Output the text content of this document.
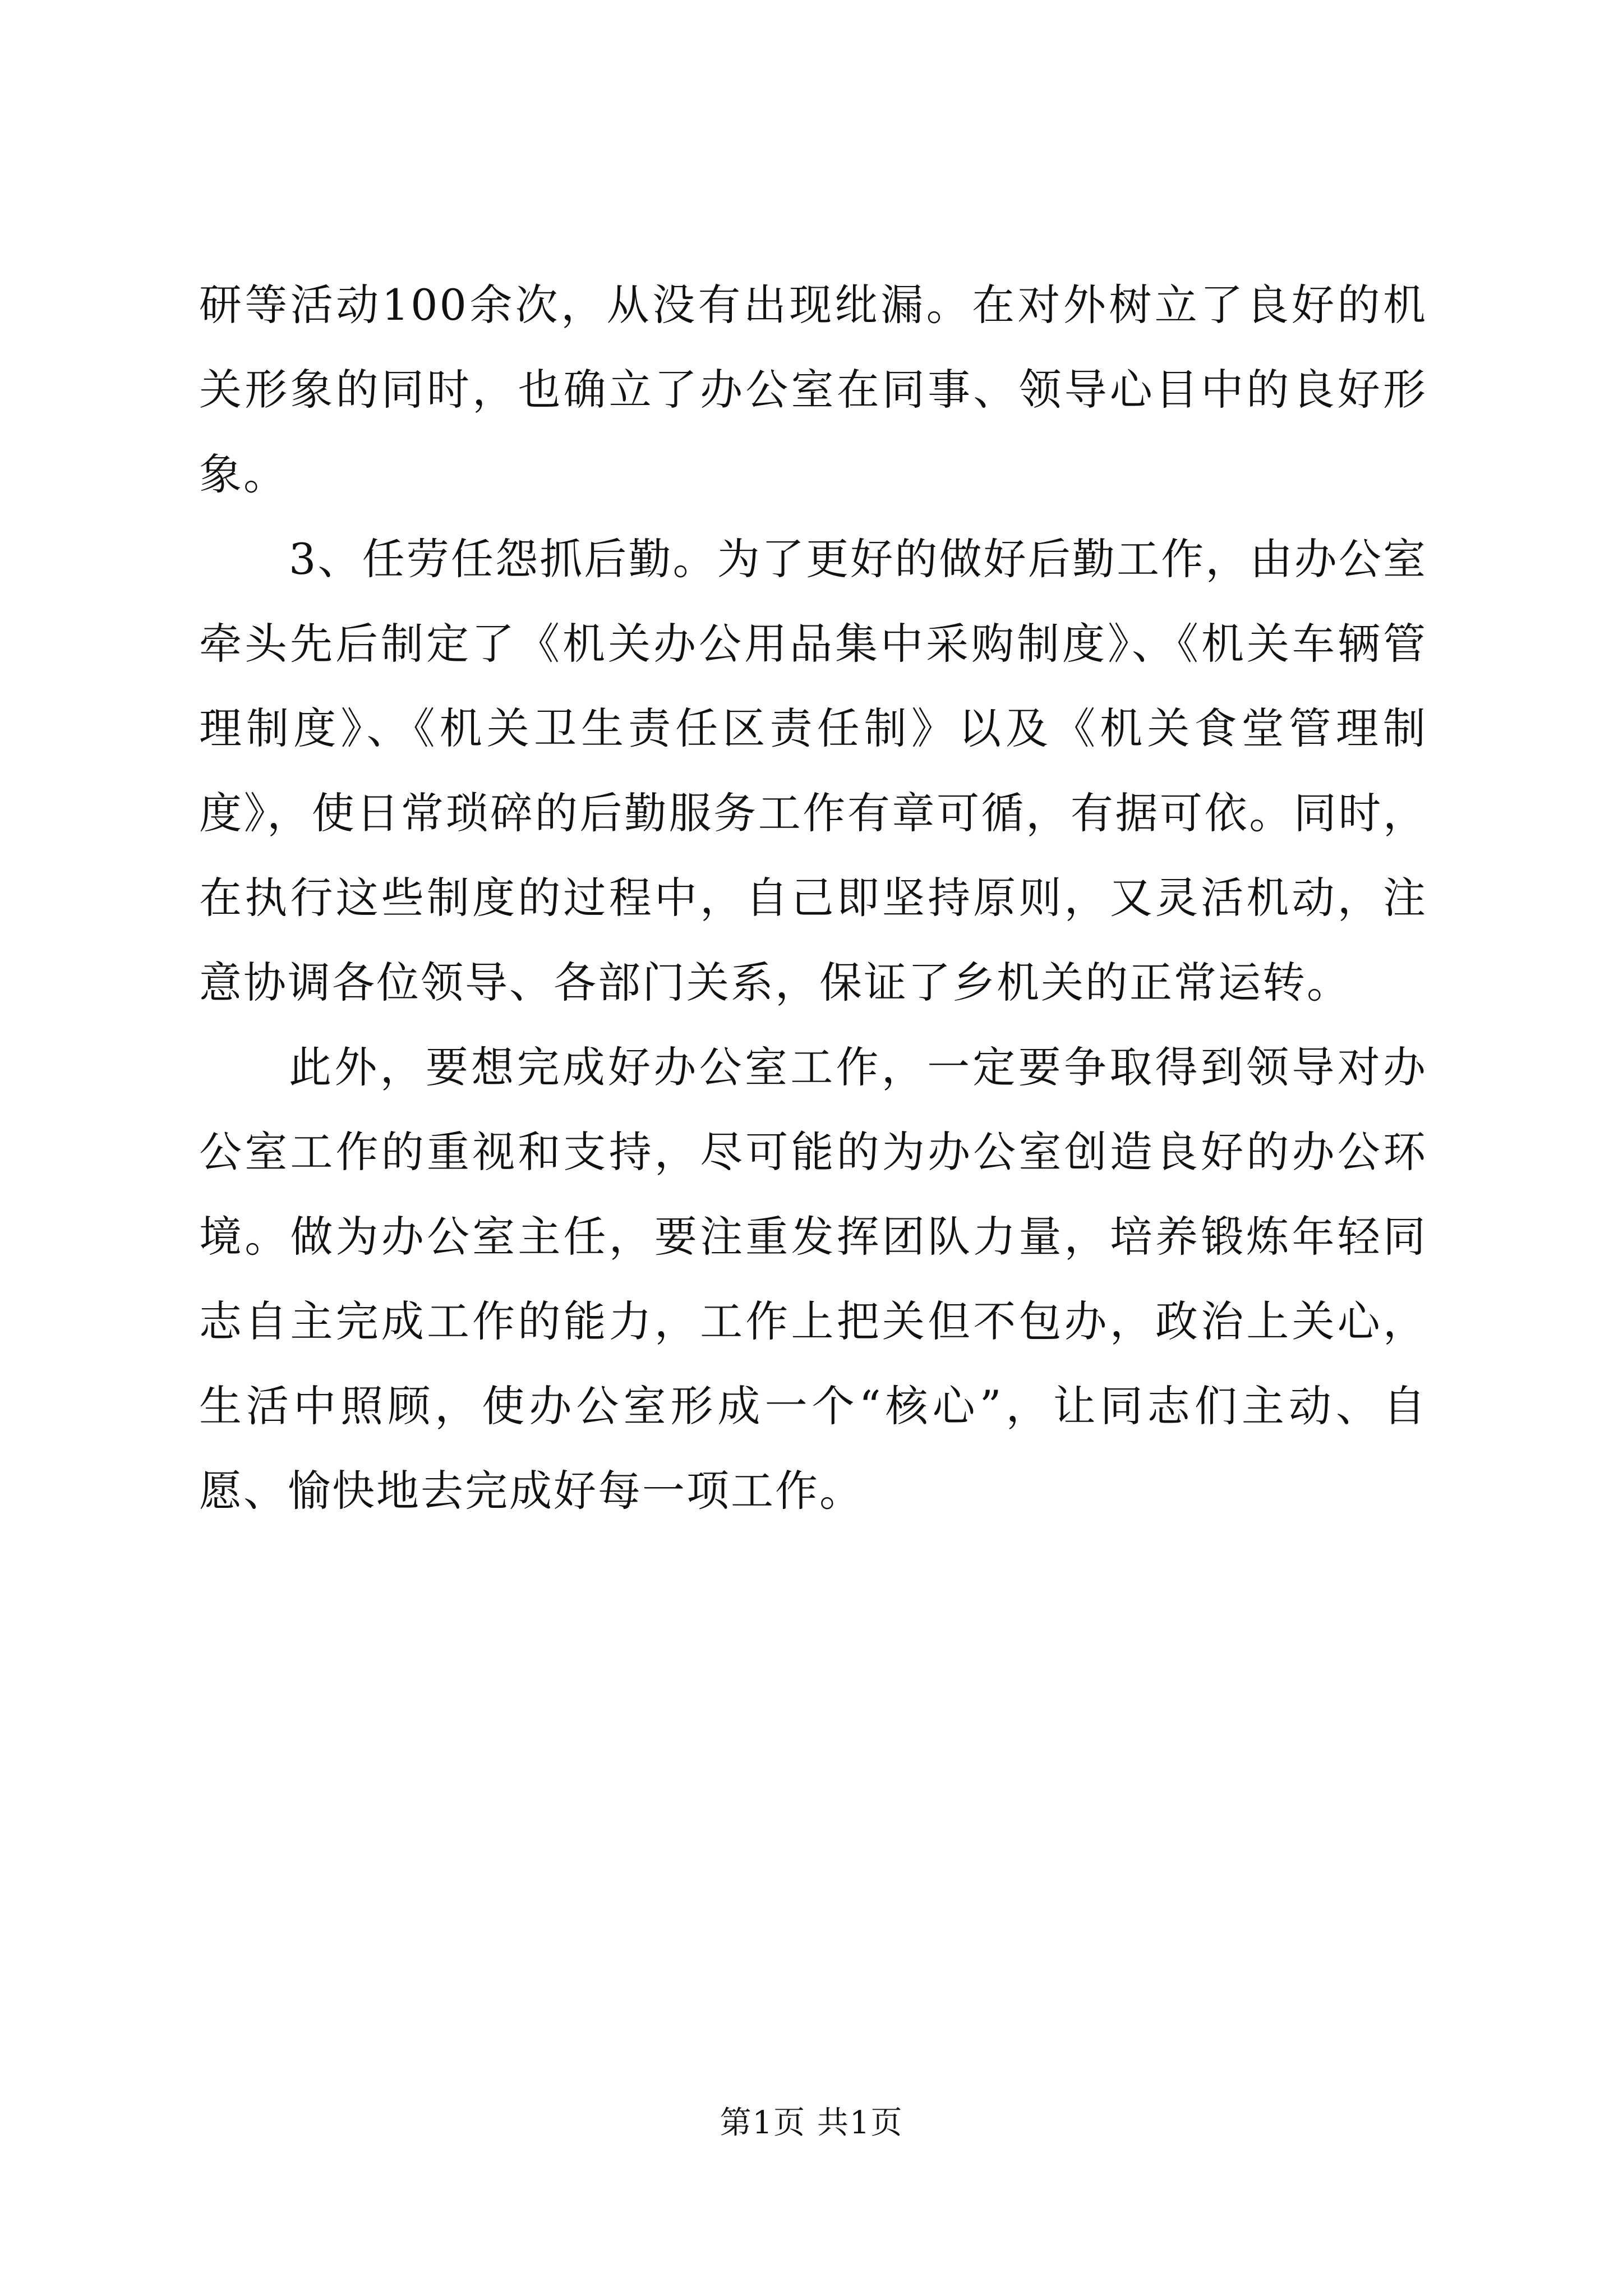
研等活动100余次，从没有出现纰漏。在对外树立了良好的机关形象的同时，也确立了办公室在同事、领导心目中的良好形象。

3、任劳任怨抓后勤。为了更好的做好后勤工作，由办公室牵头先后制定了《机关办公用品集中采购制度》、《机关车辆管理制度》、《机关卫生责任区责任制》以及《机关食堂管理制度》，使日常琐碎的后勤服务工作有章可循，有据可依。同时，在执行这些制度的过程中，自己即坚持原则，又灵活机动，注意协调各位领导、各部门关系，保证了乡机关的正常运转。

此外，要想完成好办公室工作，一定要争取得到领导对办公室工作的重视和支持，尽可能的为办公室创造良好的办公环境。做为办公室主任，要注重发挥团队力量，培养锻炼年轻同志自主完成工作的能力，工作上把关但不包办，政治上关心，生活中照顾，使办公室形成一个“核心”，让同志们主动、自愿、愉快地去完成好每一项工作。

第1页 共1页
